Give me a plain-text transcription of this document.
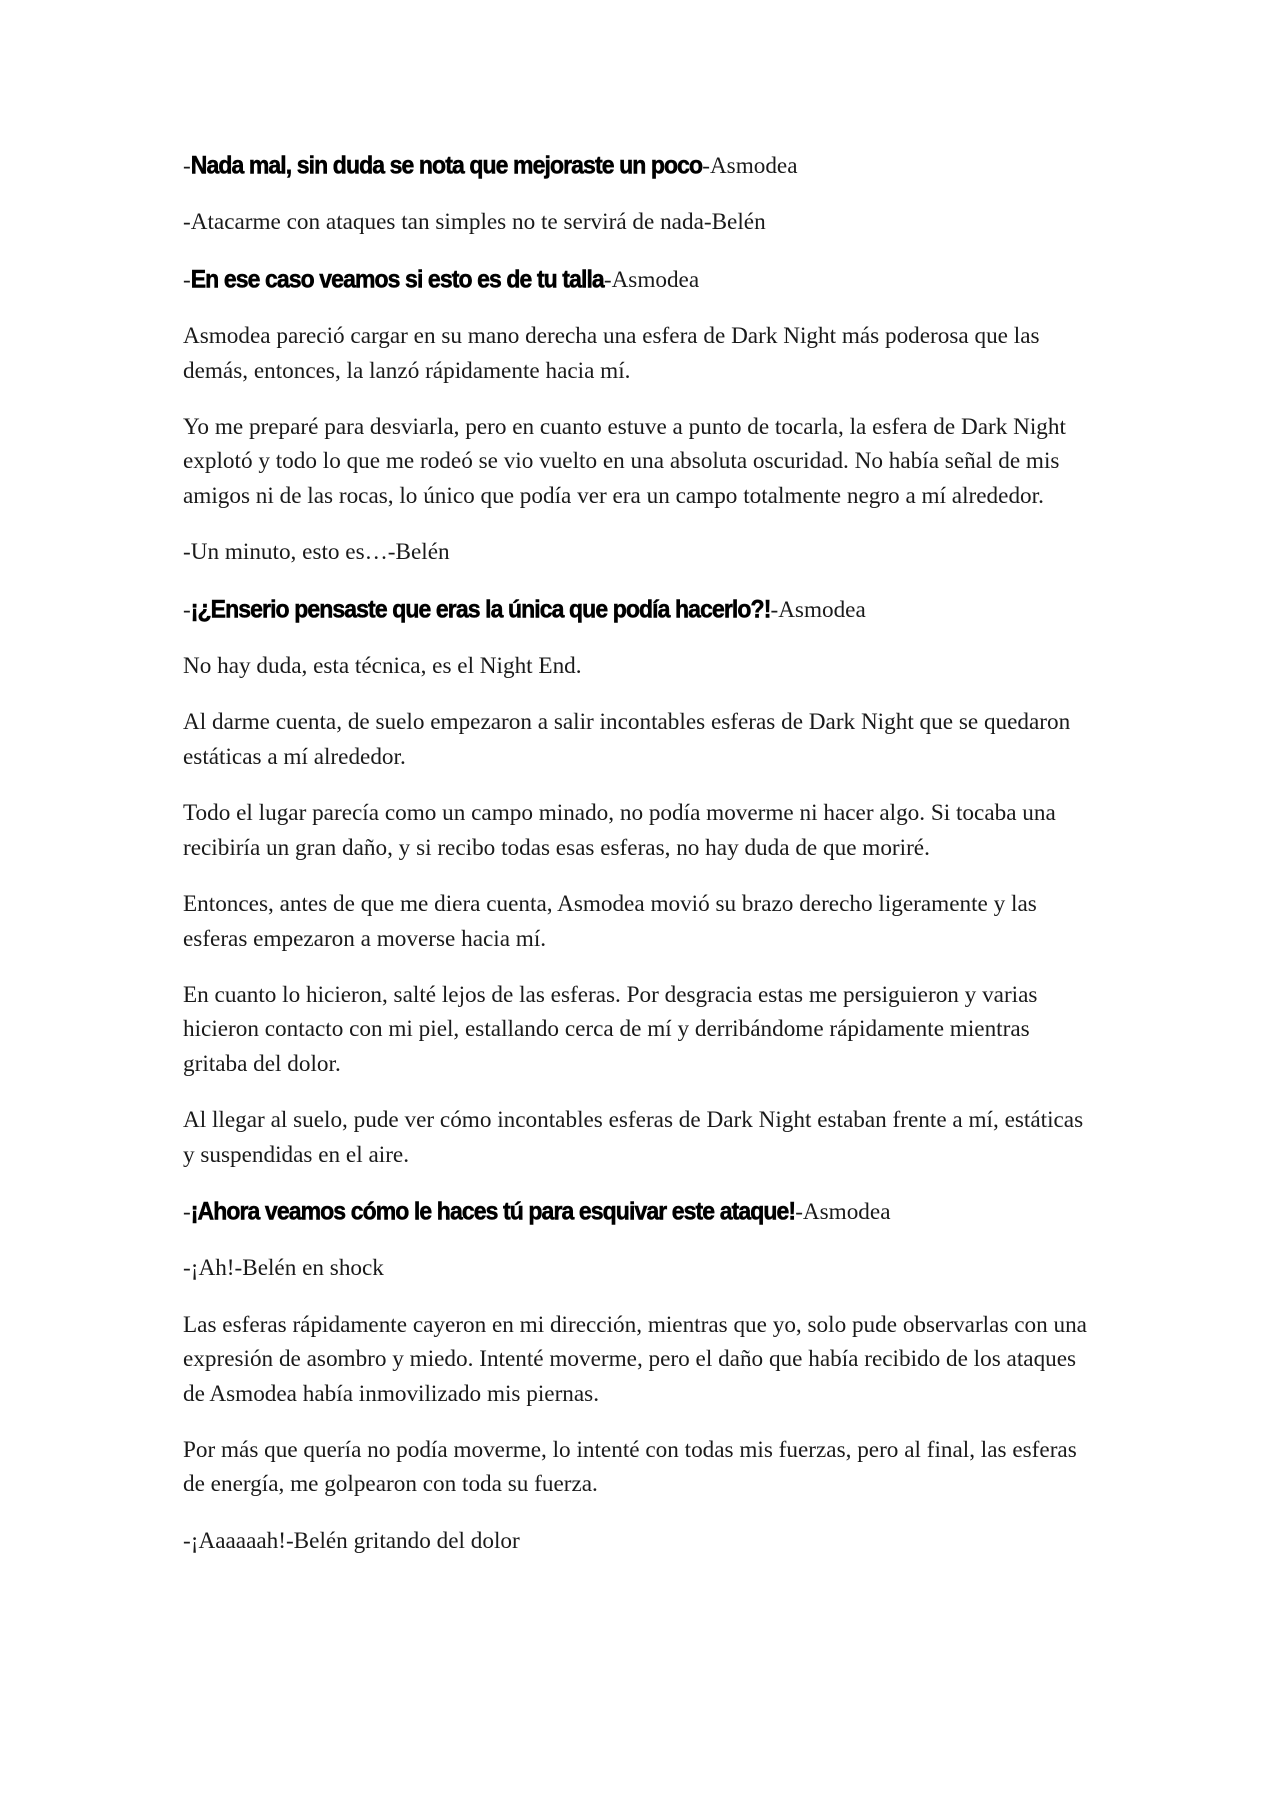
-Nada mal, sin duda se nota que mejoraste un poco-Asmodea

-Atacarme con ataques tan simples no te servirá de nada-Belén

-En ese caso veamos si esto es de tu talla-Asmodea

Asmodea pareció cargar en su mano derecha una esfera de Dark Night más poderosa que las demás, entonces, la lanzó rápidamente hacia mí.

Yo me preparé para desviarla, pero en cuanto estuve a punto de tocarla, la esfera de Dark Night explotó y todo lo que me rodeó se vio vuelto en una absoluta oscuridad. No había señal de mis amigos ni de las rocas, lo único que podía ver era un campo totalmente negro a mí alrededor.

-Un minuto, esto es…-Belén

-¡¿Enserio pensaste que eras la única que podía hacerlo?!-Asmodea

No hay duda, esta técnica, es el Night End.

Al darme cuenta, de suelo empezaron a salir incontables esferas de Dark Night que se quedaron estáticas a mí alrededor.

Todo el lugar parecía como un campo minado, no podía moverme ni hacer algo. Si tocaba una recibiría un gran daño, y si recibo todas esas esferas, no hay duda de que moriré.

Entonces, antes de que me diera cuenta, Asmodea movió su brazo derecho ligeramente y las esferas empezaron a moverse hacia mí.

En cuanto lo hicieron, salté lejos de las esferas. Por desgracia estas me persiguieron y varias hicieron contacto con mi piel, estallando cerca de mí y derribándome rápidamente mientras gritaba del dolor.

Al llegar al suelo, pude ver cómo incontables esferas de Dark Night estaban frente a mí, estáticas y suspendidas en el aire.

-¡Ahora veamos cómo le haces tú para esquivar este ataque!-Asmodea

-¡Ah!-Belén en shock

Las esferas rápidamente cayeron en mi dirección, mientras que yo, solo pude observarlas con una expresión de asombro y miedo. Intenté moverme, pero el daño que había recibido de los ataques de Asmodea había inmovilizado mis piernas.

Por más que quería no podía moverme, lo intenté con todas mis fuerzas, pero al final, las esferas de energía, me golpearon con toda su fuerza.

-¡Aaaaaah!-Belén gritando del dolor
